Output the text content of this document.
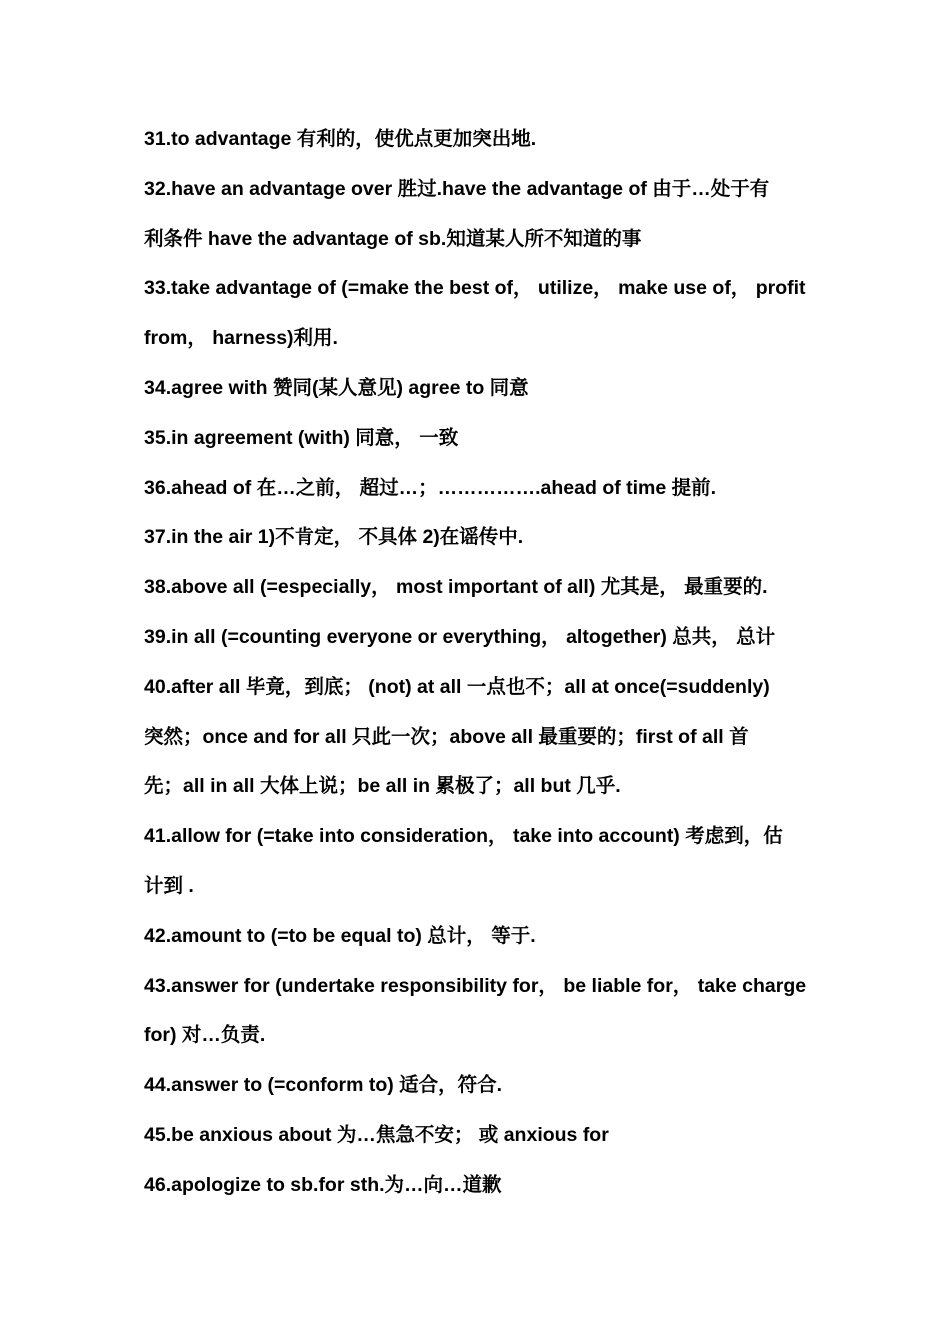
31.to advantage 有利的，使优点更加突出地.
32.have an advantage over 胜过.have the advantage of 由于…处于有
利条件 have the advantage of sb.知道某人所不知道的事
33.take advantage of (=make the best of， utilize， make use of， profit
from， harness)利用.
34.agree with 赞同(某人意见) agree to 同意
35.in agreement (with) 同意， 一致
36.ahead of 在…之前， 超过…；…………….ahead of time 提前.
37.in the air 1)不肯定， 不具体 2)在谣传中.
38.above all (=especially， most important of all) 尤其是， 最重要的.
39.in all (=counting everyone or everything， altogether) 总共， 总计
40.after all 毕竟，到底； (not) at all 一点也不；all at once(=suddenly)
突然；once and for all 只此一次；above all 最重要的；first of all 首
先；all in all 大体上说；be all in 累极了；all but 几乎.
41.allow for (=take into consideration， take into account) 考虑到，估
计到 .
42.amount to (=to be equal to) 总计， 等于.
43.answer for (undertake responsibility for， be liable for， take charge
for) 对…负责.
44.answer to (=conform to) 适合，符合.
45.be anxious about 为…焦急不安； 或 anxious for
46.apologize to sb.for sth.为…向…道歉
